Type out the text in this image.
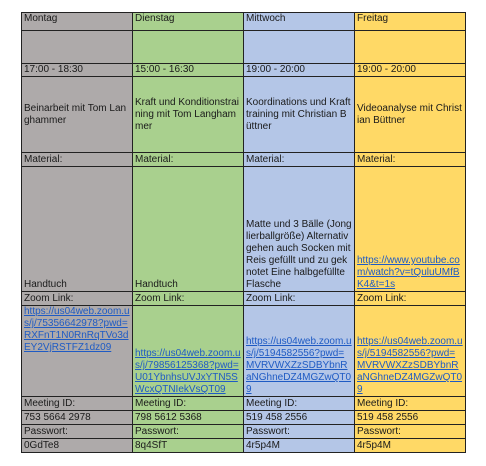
Montag	Dienstag	Mittwoch	Freitag

17:00 - 18:30	15:00 - 16:30	19:00 - 20:00	19:00 - 20:00
Beinarbeit mit Tom Langhammer	Kraft und Konditionstraining mit Tom Langhammer	Koordinations und Krafttraining mit Christian Büttner	Videoanalyse mit Christian Büttner
Material:	Material:	Material:	Material:
Handtuch	Handtuch	Matte und 3 Bälle (Jonglierballgröße) Alternativ gehen auch Socken mit Reis gefüllt und zu geknotet Eine halbgefüllte Flasche	https://www.youtube.com/watch?v=tQuluUMfBK4&t=1s
Zoom Link:	Zoom Link:	Zoom Link:	Zoom Link:
https://us04web.zoom.us/j/75356642978?pwd=RXFnT1N0RnRqTVo3dEY2VjRSTFZ1dz09	https://us04web.zoom.us/j/79856125368?pwd=U01YbnhsUVJxYTN5SWcxQTNIekVsQT09	https://us04web.zoom.us/j/5194582556?pwd=MVRVWXZzSDBYbnRaNGhneDZ4MGZwQT09	https://us04web.zoom.us/j/5194582556?pwd=MVRVWXZzSDBYbnRaNGhneDZ4MGZwQT09
Meeting ID:	Meeting ID:	Meeting ID:	Meeting ID:
753 5664 2978	798 5612 5368	519 458 2556	519 458 2556
Passwort:	Passwort:	Passwort:	Passwort:
0GdTe8	8q4SfT	4r5p4M	4r5p4M
